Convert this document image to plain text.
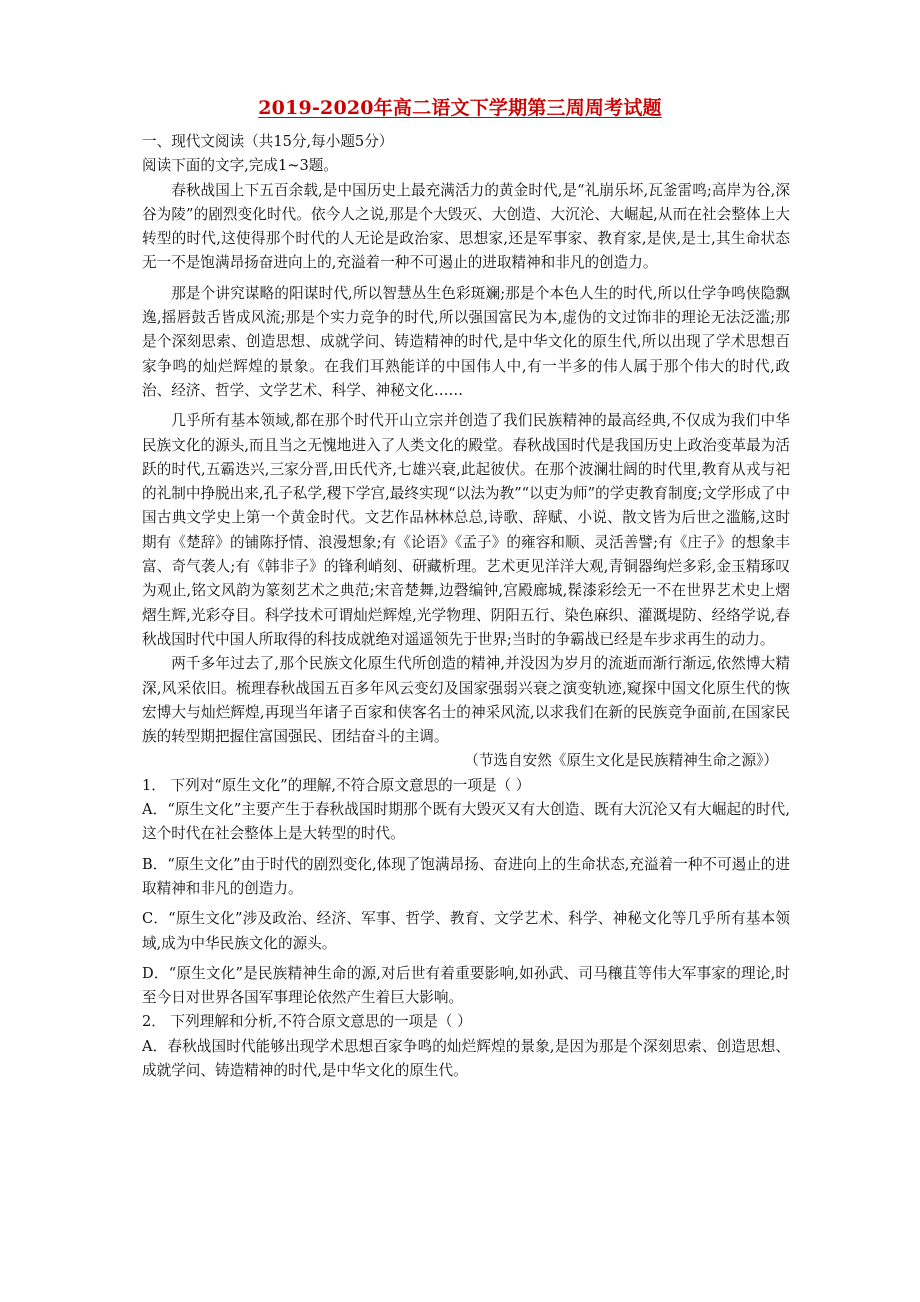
2019-2020年高二语文下学期第三周周考试题
一、现代文阅读（共15分,每小题5分）
阅读下面的文字,完成1~3题。

春秋战国上下五百余载,是中国历史上最充满活力的黄金时代,是“礼崩乐坏,瓦釜雷鸣;高岸为谷,深谷为陵”的剧烈变化时代。依今人之说,那是个大毁灭、大创造、大沉沦、大崛起,从而在社会整体上大转型的时代,这使得那个时代的人无论是政治家、思想家,还是军事家、教育家,是侠,是士,其生命状态无一不是饱满昂扬奋进向上的,充溢着一种不可遏止的进取精神和非凡的创造力。

那是个讲究谋略的阳谋时代,所以智慧丛生色彩斑斓;那是个本色人生的时代,所以仕学争鸣侠隐飘逸,摇唇鼓舌皆成风流;那是个实力竞争的时代,所以强国富民为本,虚伪的文过饰非的理论无法泛滥;那是个深刻思索、创造思想、成就学问、铸造精神的时代,是中华文化的原生代,所以出现了学术思想百家争鸣的灿烂辉煌的景象。在我们耳熟能详的中国伟人中,有一半多的伟人属于那个伟大的时代,政治、经济、哲学、文学艺术、科学、神秘文化……

几乎所有基本领域,都在那个时代开山立宗并创造了我们民族精神的最高经典,不仅成为我们中华民族文化的源头,而且当之无愧地进入了人类文化的殿堂。春秋战国时代是我国历史上政治变革最为活跃的时代,五霸迭兴,三家分晋,田氏代齐,七雄兴衰,此起彼伏。在那个波澜壮阔的时代里,教育从戎与祀的礼制中挣脱出来,孔子私学,稷下学宫,最终实现“以法为教”“以吏为师”的学吏教育制度;文学形成了中国古典文学史上第一个黄金时代。文艺作品林林总总,诗歌、辞赋、小说、散文皆为后世之滥觞,这时期有《楚辞》的铺陈抒情、浪漫想象;有《论语》《孟子》的雍容和顺、灵活善譬;有《庄子》的想象丰富、奇气袭人;有《韩非子》的锋利峭刻、研藏析理。艺术更见洋洋大观,青铜器绚烂多彩,金玉精琢叹为观止,铭文风韵为篆刻艺术之典范;宋音楚舞,边磬编钟,宫殿廊城,髹漆彩绘无一不在世界艺术史上熠熠生辉,光彩夺目。科学技术可谓灿烂辉煌,光学物理、阴阳五行、染色麻织、灌溉堤防、经络学说,春秋战国时代中国人所取得的科技成就绝对遥遥领先于世界;当时的争霸战已经是车步求再生的动力。

两千多年过去了,那个民族文化原生代所创造的精神,并没因为岁月的流逝而渐行渐远,依然博大精深,风采依旧。梳理春秋战国五百多年风云变幻及国家强弱兴衰之演变轨迹,窥探中国文化原生代的恢宏博大与灿烂辉煌,再现当年诸子百家和侠客名士的神采风流,以求我们在新的民族竞争面前,在国家民族的转型期把握住富国强民、团结奋斗的主调。

（节选自安然《原生文化是民族精神生命之源》）
1． 下列对“原生文化”的理解,不符合原文意思的一项是（ ）
A．“原生文化”主要产生于春秋战国时期那个既有大毁灭又有大创造、既有大沉沦又有大崛起的时代,这个时代在社会整体上是大转型的时代。
B．“原生文化”由于时代的剧烈变化,体现了饱满昂扬、奋进向上的生命状态,充溢着一种不可遏止的进取精神和非凡的创造力。
C．“原生文化”涉及政治、经济、军事、哲学、教育、文学艺术、科学、神秘文化等几乎所有基本领域,成为中华民族文化的源头。
D．“原生文化”是民族精神生命的源,对后世有着重要影响,如孙武、司马穰苴等伟大军事家的理论,时至今日对世界各国军事理论依然产生着巨大影响。
2． 下列理解和分析,不符合原文意思的一项是（ ）
A．春秋战国时代能够出现学术思想百家争鸣的灿烂辉煌的景象,是因为那是个深刻思索、创造思想、成就学问、铸造精神的时代,是中华文化的原生代。
